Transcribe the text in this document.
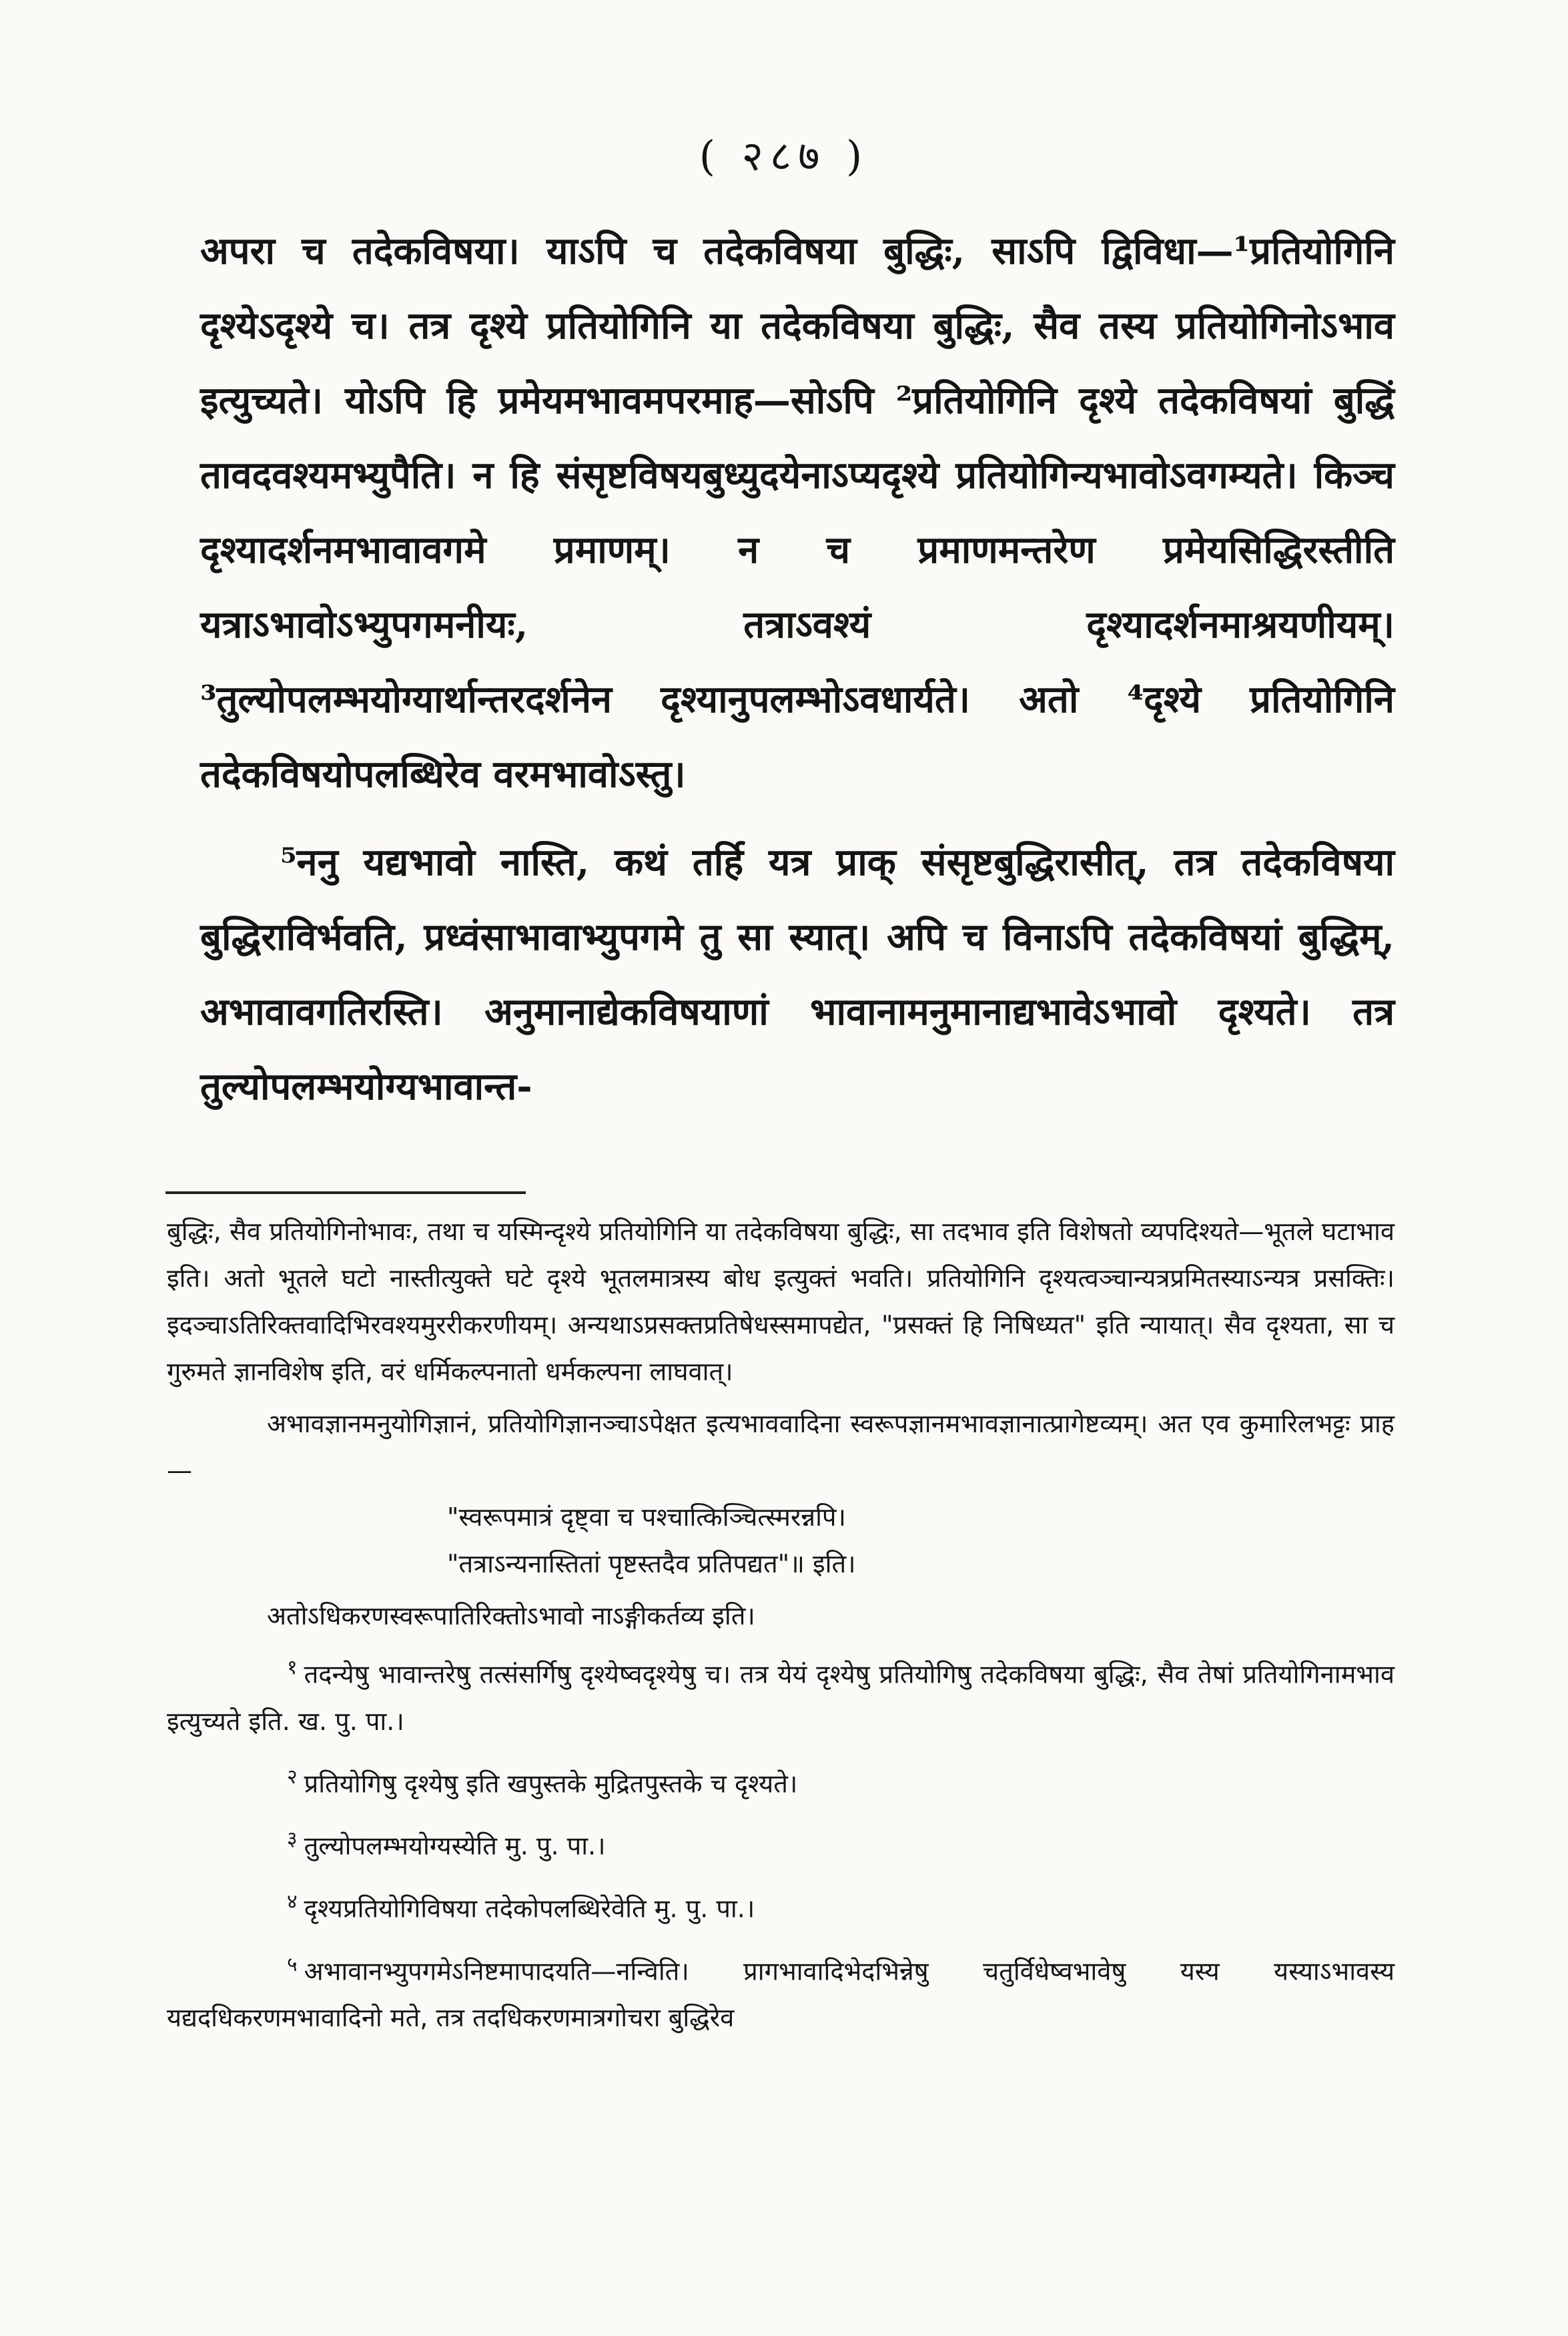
( २८७ )

अपरा च तदेकविषया। याऽपि च तदेकविषया बुद्धिः, साऽपि द्विविधा—¹प्रतियोगिनि दृश्येऽदृश्ये च। तत्र दृश्ये प्रतियोगिनि या तदेकविषया बुद्धिः, सैव तस्य प्रतियोगिनोऽभाव इत्युच्यते। योऽपि हि प्रमेयमभावमपरमाह—सोऽपि ²प्रतियोगिनि दृश्ये तदेकविषयां बुद्धिं तावदवश्यमभ्युपैति। न हि संसृष्टविषयबुध्युदयेनाऽप्यदृश्ये प्रतियोगिन्यभावोऽवगम्यते। किञ्च दृश्यादर्शनमभावावगमे प्रमाणम्। न च प्रमाणमन्तरेण प्रमेयसिद्धिरस्तीति यत्राऽभावोऽभ्युपगमनीयः, तत्राऽवश्यं दृश्यादर्शनमाश्रयणीयम्। ³तुल्योपलम्भयोग्यार्थान्तरदर्शनेन दृश्यानुपलम्भोऽवधार्यते। अतो ⁴दृश्ये प्रतियोगिनि तदेकविषयोपलब्धिरेव वरमभावोऽस्तु।

⁵ननु यद्यभावो नास्ति, कथं तर्हि यत्र प्राक् संसृष्टबुद्धिरासीत्, तत्र तदेकविषया बुद्धिराविर्भवति, प्रध्वंसाभावाभ्युपगमे तु सा स्यात्। अपि च विनाऽपि तदेकविषयां बुद्धिम्, अभावावगतिरस्ति। अनुमानाद्येकविषयाणां भावानामनुमानाद्यभावेऽभावो दृश्यते। तत्र तुल्योपलम्भयोग्यभावान्त-

बुद्धिः, सैव प्रतियोगिनोभावः, तथा च यस्मिन्दृश्ये प्रतियोगिनि या तदेकविषया बुद्धिः, सा तदभाव इति विशेषतो व्यपदिश्यते—भूतले घटाभाव इति। अतो भूतले घटो नास्तीत्युक्ते घटे दृश्ये भूतलमात्रस्य बोध इत्युक्तं भवति। प्रतियोगिनि दृश्यत्वञ्चान्यत्रप्रमितस्याऽन्यत्र प्रसक्तिः। इदञ्चाऽतिरिक्तवादिभिरवश्यमुररीकरणीयम्। अन्यथाऽप्रसक्तप्रतिषेधस्समापद्येत, "प्रसक्तं हि निषिध्यत" इति न्यायात्। सैव दृश्यता, सा च गुरुमते ज्ञानविशेष इति, वरं धर्मिकल्पनातो धर्मकल्पना लाघवात्।

अभावज्ञानमनुयोगिज्ञानं, प्रतियोगिज्ञानञ्चाऽपेक्षत इत्यभाववादिना स्वरूपज्ञानमभावज्ञानात्प्रागेष्टव्यम्। अत एव कुमारिलभट्टः प्राह—

"स्वरूपमात्रं दृष्ट्वा च पश्चात्किञ्चित्स्मरन्नपि।

"तत्राऽन्यनास्तितां पृष्टस्तदैव प्रतिपद्यत"॥ इति।

अतोऽधिकरणस्वरूपातिरिक्तोऽभावो नाऽङ्गीकर्तव्य इति।

$^१$ तदन्येषु भावान्तरेषु तत्संसर्गिषु दृश्येष्वदृश्येषु च। तत्र येयं दृश्येषु प्रतियोगिषु तदेकविषया बुद्धिः, सैव तेषां प्रतियोगिनामभाव इत्युच्यते इति. ख. पु. पा.।

$^२$ प्रतियोगिषु दृश्येषु इति खपुस्तके मुद्रितपुस्तके च दृश्यते।

$^३$ तुल्योपलम्भयोग्यस्येति मु. पु. पा.।

$^४$ दृश्यप्रतियोगिविषया तदेकोपलब्धिरेवेति मु. पु. पा.।

$^५$ अभावानभ्युपगमेऽनिष्टमापादयति—नन्विति। प्रागभावादिभेदभिन्नेषु चतुर्विधेष्वभावेषु यस्य यस्याऽभावस्य यद्यदधिकरणमभावादिनो मते, तत्र तदधिकरणमात्रगोचरा बुद्धिरेव
